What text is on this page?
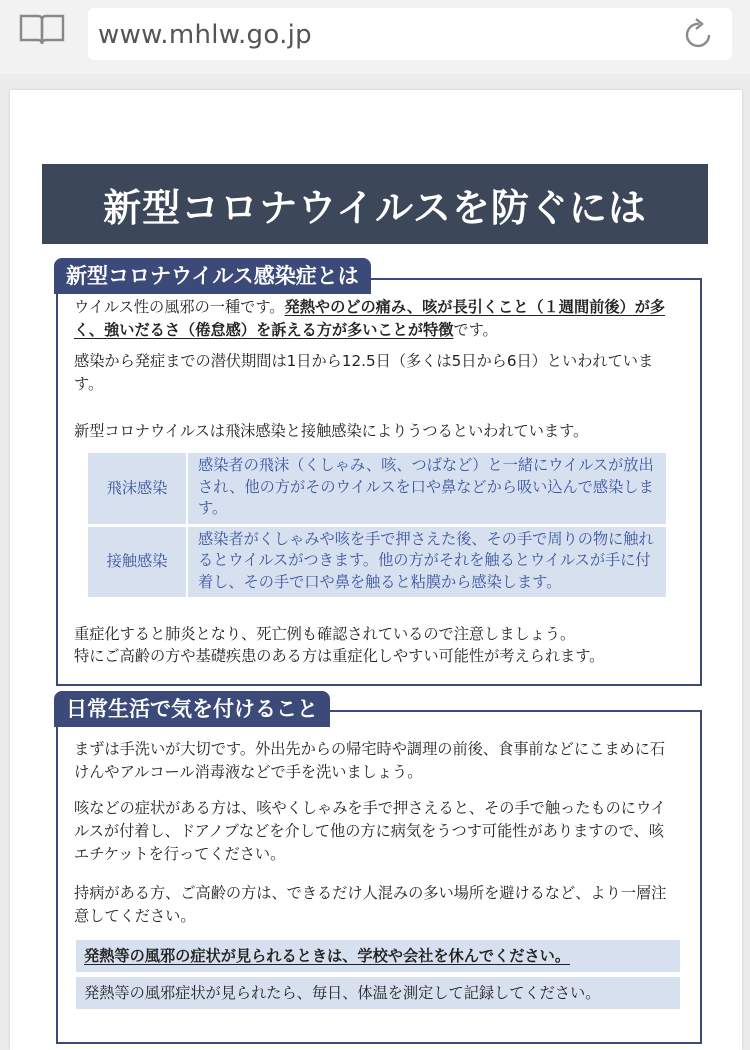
www.mhlw.go.jp
新型コロナウイルスを防ぐには
新型コロナウイルス感染症とは

ウイルス性の風邪の一種です。発熱やのどの痛み、咳が長引くこと（１週間前後）が多く、強いだるさ（倦怠感）を訴える方が多いことが特徴です。

感染から発症までの潜伏期間は1日から12.5日（多くは5日から6日）といわれています。

新型コロナウイルスは飛沫感染と接触感染によりうつるといわれています。

飛沫感染	感染者の飛沫（くしゃみ、咳、つばなど）と一緒にウイルスが放出され、他の方がそのウイルスを口や鼻などから吸い込んで感染します。
接触感染	感染者がくしゃみや咳を手で押さえた後、その手で周りの物に触れるとウイルスがつきます。他の方がそれを触るとウイルスが手に付着し、その手で口や鼻を触ると粘膜から感染します。

重症化すると肺炎となり、死亡例も確認されているので注意しましょう。

特にご高齢の方や基礎疾患のある方は重症化しやすい可能性が考えられます。

日常生活で気を付けること

まずは手洗いが大切です。外出先からの帰宅時や調理の前後、食事前などにこまめに石けんやアルコール消毒液などで手を洗いましょう。

咳などの症状がある方は、咳やくしゃみを手で押さえると、その手で触ったものにウイルスが付着し、ドアノブなどを介して他の方に病気をうつす可能性がありますので、咳エチケットを行ってください。

持病がある方、ご高齢の方は、できるだけ人混みの多い場所を避けるなど、より一層注意してください。

発熱等の風邪の症状が見られるときは、学校や会社を休んでください。
発熱等の風邪症状が見られたら、毎日、体温を測定して記録してください。
